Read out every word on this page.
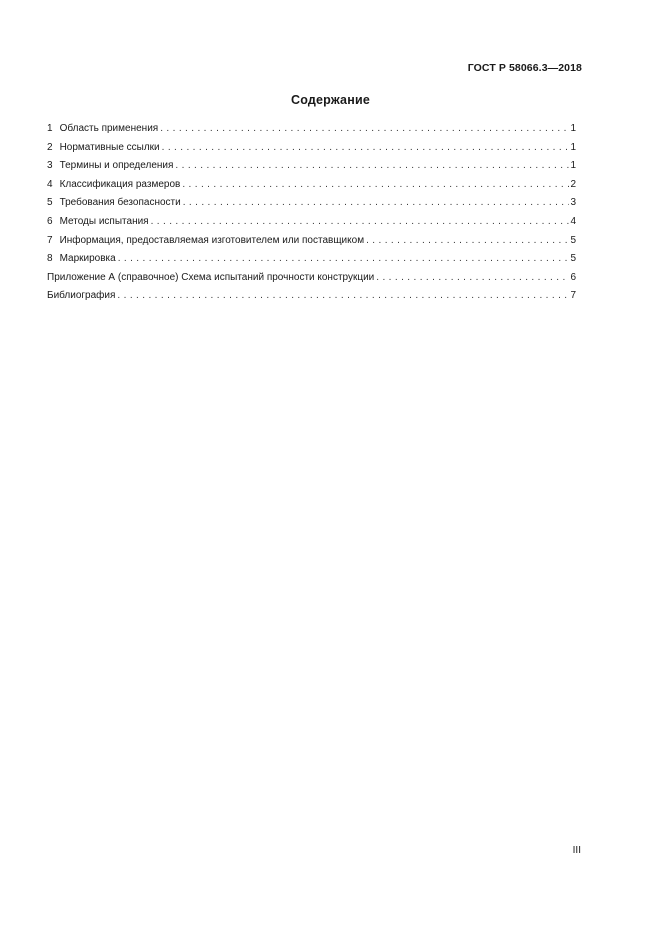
ГОСТ Р 58066.3—2018
Содержание
1 Область применения . . .	1
2 Нормативные ссылки . . .	1
3 Термины и определения . . .	1
4 Классификация размеров . . .	2
5 Требования безопасности . . .	3
6 Методы испытания . . .	4
7 Информация, предоставляемая изготовителем или поставщиком . . .	5
8 Маркировка . . .	5
Приложение А (справочное) Схема испытаний прочности конструкции . . .	6
Библиография . . .	7
III
